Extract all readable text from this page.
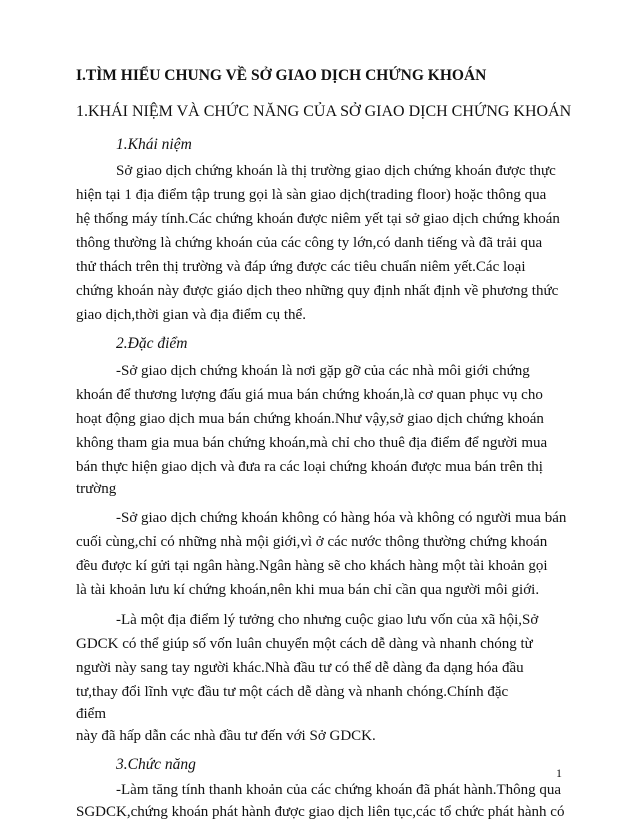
I.TÌM HIỂU CHUNG VỀ SỞ GIAO DỊCH CHỨNG KHOÁN
1.KHÁI NIỆM VÀ CHỨC NĂNG CỦA SỞ GIAO DỊCH CHỨNG KHOÁN
1.Khái niệm
Sở giao dịch chứng khoán là thị trường giao dịch chứng khoán được thực
hiện tại 1 địa điểm tập trung gọi là sàn giao dịch(trading floor) hoặc thông qua
hệ thống máy tính.Các chứng khoán được niêm yết tại sở giao dịch chứng khoán
thông thường là chứng khoán của các công ty lớn,có danh tiếng và đã trải qua
thử thách trên thị trường và đáp ứng được các tiêu chuẩn niêm yết.Các loại
chứng khoán này được giáo dịch theo những quy định nhất định về phương thức
giao dịch,thời gian và địa điểm cụ thể.
2.Đặc điểm
-Sở giao dịch chứng khoán là nơi gặp gỡ của các nhà môi giới chứng
khoán để thương lượng đấu giá mua bán chứng khoán,là cơ quan phục vụ cho
hoạt động giao dịch mua bán chứng khoán.Như vậy,sở giao dịch chứng khoán
không tham gia mua bán chứng khoán,mà chỉ cho thuê địa điểm để người mua
bán thực hiện giao dịch và đưa ra các loại chứng khoán được mua bán trên thị
trường
-Sở giao dịch chứng khoán không có hàng hóa và không có người mua bán
cuối cùng,chỉ có những nhà mội giới,vì ở các nước thông thường chứng khoán
đều được kí gửi tại ngân hàng.Ngân hàng sẽ cho khách hàng một tài khoản gọi
là tài khoản lưu kí chứng khoán,nên khi mua bán chỉ cần qua người môi giới.
-Là một địa điểm lý tưởng cho nhưng cuộc giao lưu vốn của xã hội,Sở
GDCK có thể giúp số vốn luân chuyển một cách dễ dàng và nhanh chóng từ
người này sang tay người khác.Nhà đầu tư có thể dễ dàng đa dạng hóa đầu
tư,thay đổi lĩnh vực đầu tư một cách dễ dàng và nhanh chóng.Chính đặc
điểm
này đã hấp dẫn các nhà đầu tư đến với Sở GDCK.
3.Chức năng
-Làm tăng tính thanh khoản của các chứng khoán đã phát hành.Thông qua
SGDCK,chứng khoán phát hành được giao dịch liên tục,các tổ chức phát hành có
1
